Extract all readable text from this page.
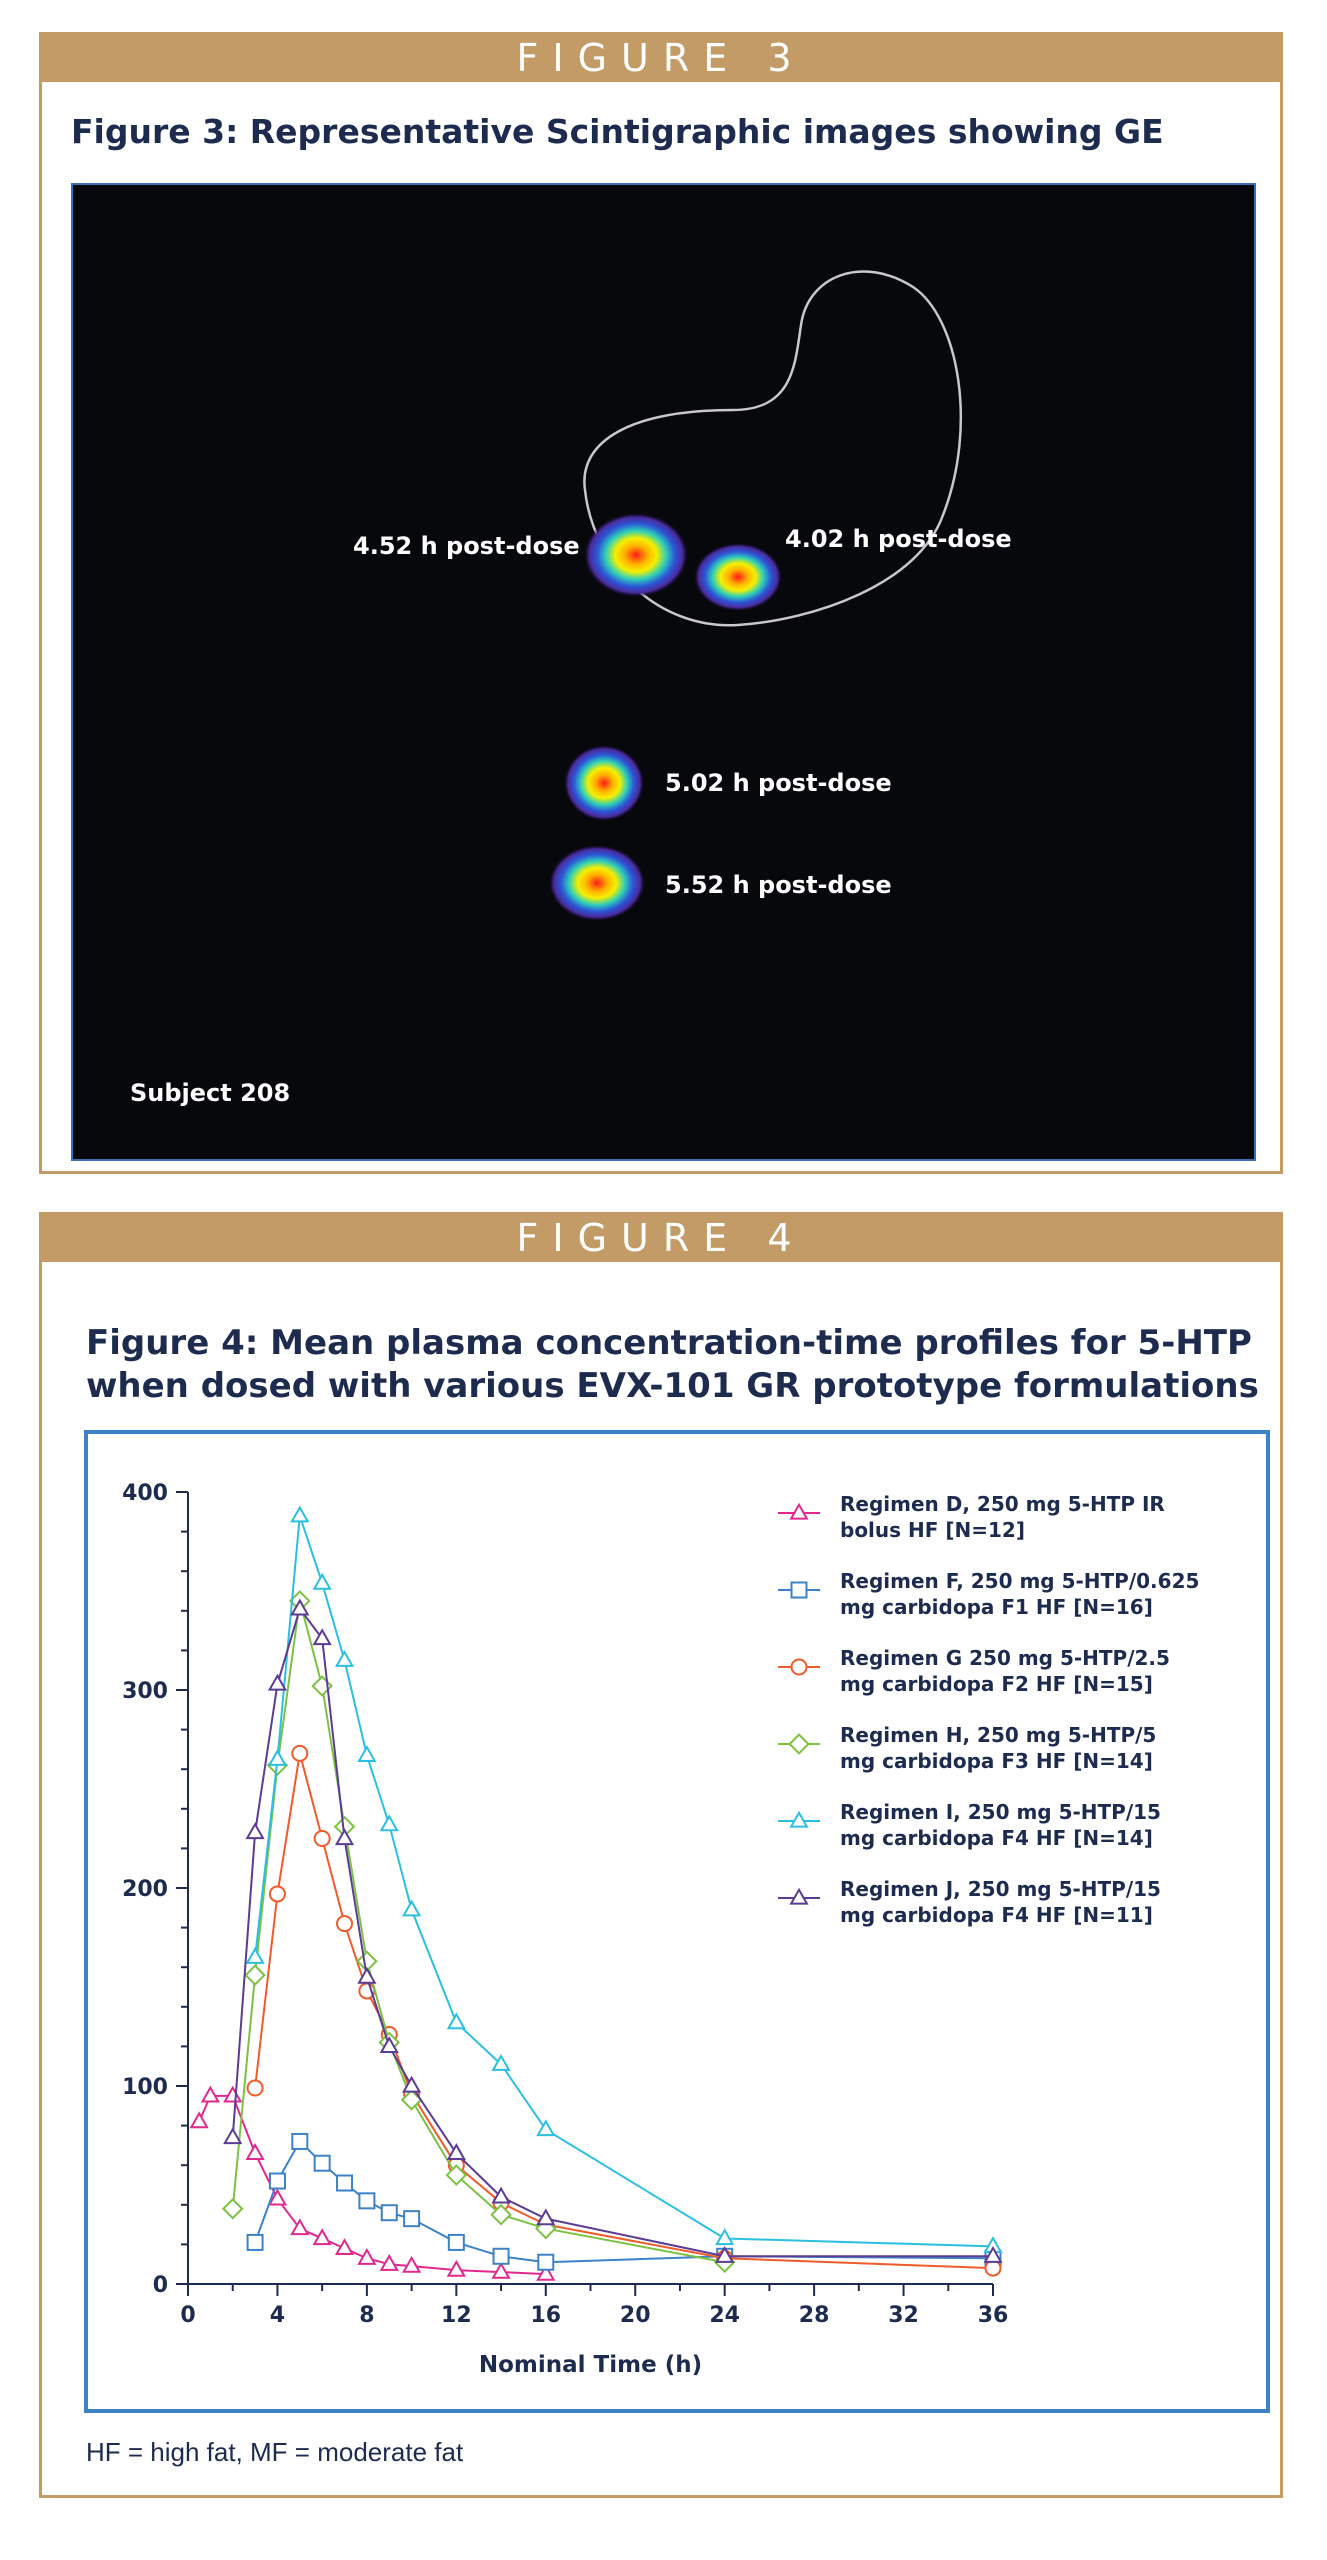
FIGURE 3
Figure 3: Representative Scintigraphic images showing GE
4.52 h post-dose	4.02 h post-dose
5.02 h post-dose
5.52 h post-dose
Subject 208
FIGURE 4
Figure 4: Mean plasma concentration-time profiles for 5-HTP
when dosed with various EVX-101 GR prototype formulations
0
100
200
300
400
0	4	8	12	16	20	24	28	32	36
Nominal Time (h)
Regimen D, 250 mg 5-HTP IR
bolus HF [N=12]
Regimen F, 250 mg 5-HTP/0.625
mg carbidopa F1 HF [N=16]
Regimen G 250 mg 5-HTP/2.5
mg carbidopa F2 HF [N=15]
Regimen H, 250 mg 5-HTP/5
mg carbidopa F3 HF [N=14]
Regimen I, 250 mg 5-HTP/15
mg carbidopa F4 HF [N=14]
Regimen J, 250 mg 5-HTP/15
mg carbidopa F4 HF [N=11]
HF = high fat, MF = moderate fat
